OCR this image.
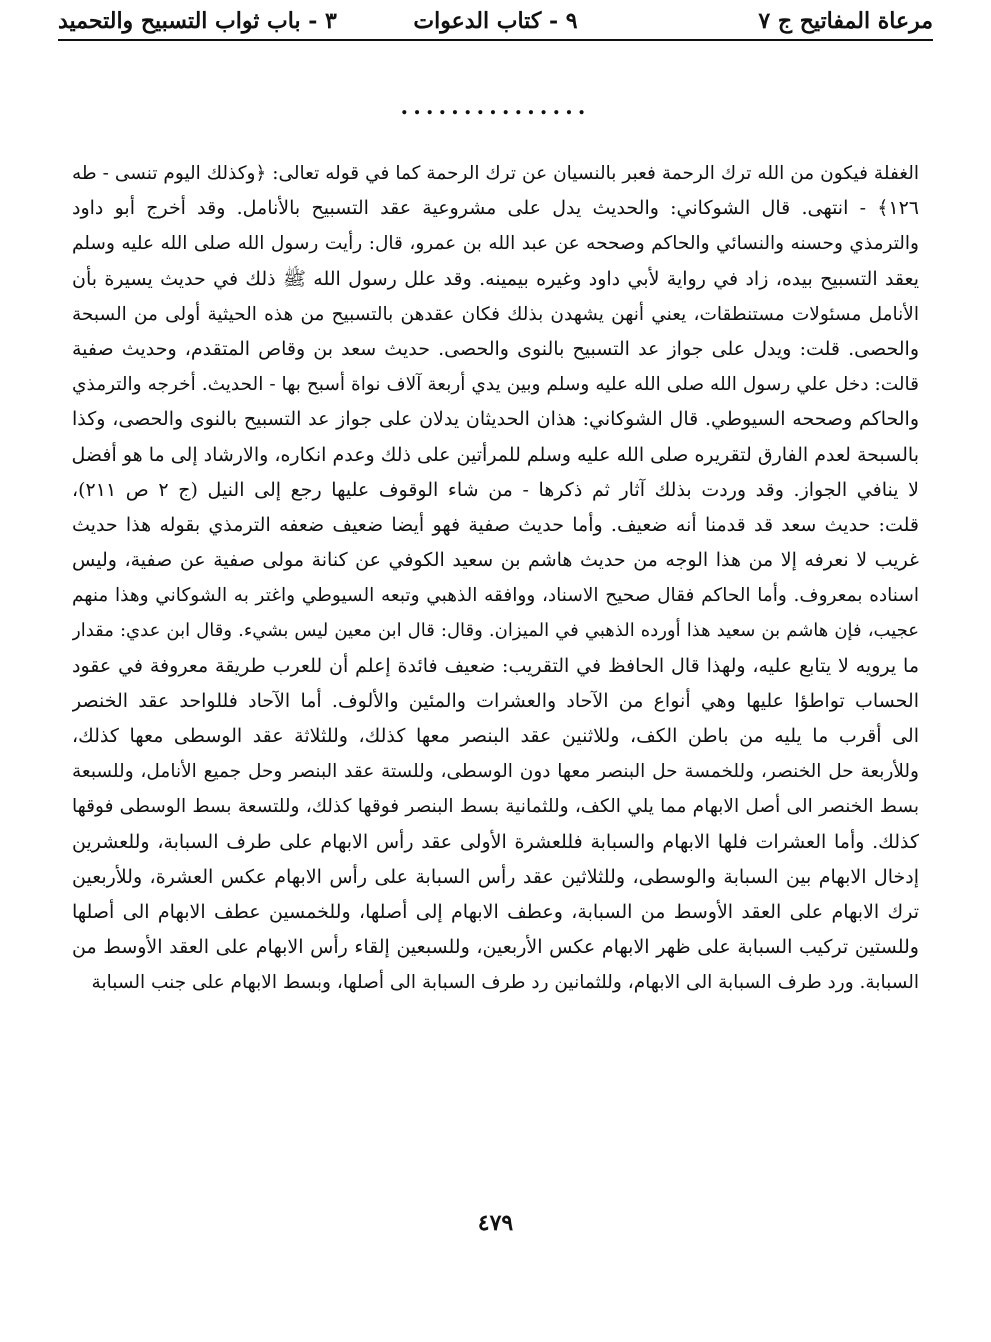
مرعاة المفاتيح ج ٧
٩ - كتاب الدعوات
٣ - باب ثواب التسبيح والتحميد
...............
الغفلة فيكون من الله ترك الرحمة فعبر بالنسيان عن ترك الرحمة كما في قوله تعالى: ﴿وكذلك اليوم تنسى - طه
١٢٦﴾ - انتهى. قال الشوكاني: والحديث يدل على مشروعية عقد التسبيح بالأنامل. وقد أخرج أبو داود
والترمذي وحسنه والنسائي والحاكم وصححه عن عبد الله بن عمرو، قال: رأيت رسول الله صلى الله عليه وسلم
يعقد التسبيح بيده، زاد في رواية لأبي داود وغيره بيمينه. وقد علل رسول الله ﷺ ذلك في حديث يسيرة بأن
الأنامل مسئولات مستنطقات، يعني أنهن يشهدن بذلك فكان عقدهن بالتسبيح من هذه الحيثية أولى من السبحة
والحصى. قلت: ويدل على جواز عد التسبيح بالنوى والحصى. حديث سعد بن وقاص المتقدم، وحديث صفية
قالت: دخل علي رسول الله صلى الله عليه وسلم وبين يدي أربعة آلاف نواة أسبح بها - الحديث. أخرجه والترمذي
والحاكم وصححه السيوطي. قال الشوكاني: هذان الحديثان يدلان على جواز عد التسبيح بالنوى والحصى، وكذا
بالسبحة لعدم الفارق لتقريره صلى الله عليه وسلم للمرأتين على ذلك وعدم انكاره، والارشاد إلى ما هو أفضل
لا ينافي الجواز. وقد وردت بذلك آثار ثم ذكرها - من شاء الوقوف عليها رجع إلى النيل (ج ٢ ص ٢١١)،
قلت: حديث سعد قد قدمنا أنه ضعيف. وأما حديث صفية فهو أيضا ضعيف ضعفه الترمذي بقوله هذا حديث
غريب لا نعرفه إلا من هذا الوجه من حديث هاشم بن سعيد الكوفي عن كنانة مولى صفية عن صفية، وليس
اسناده بمعروف. وأما الحاكم فقال صحيح الاسناد، ووافقه الذهبي وتبعه السيوطي واغتر به الشوكاني وهذا منهم
عجيب، فإن هاشم بن سعيد هذا أورده الذهبي في الميزان. وقال: قال ابن معين ليس بشيء. وقال ابن عدي: مقدار
ما يرويه لا يتابع عليه، ولهذا قال الحافظ في التقريب: ضعيف فائدة إعلم أن للعرب طريقة معروفة في عقود
الحساب تواطؤا عليها وهي أنواع من الآحاد والعشرات والمئين والألوف. أما الآحاد فللواحد عقد الخنصر
الى أقرب ما يليه من باطن الكف، وللاثنين عقد البنصر معها كذلك، وللثلاثة عقد الوسطى معها كذلك،
وللأربعة حل الخنصر، وللخمسة حل البنصر معها دون الوسطى، وللستة عقد البنصر وحل جميع الأنامل، وللسبعة
بسط الخنصر الى أصل الابهام مما يلي الكف، وللثمانية بسط البنصر فوقها كذلك، وللتسعة بسط الوسطى فوقها
كذلك. وأما العشرات فلها الابهام والسبابة فللعشرة الأولى عقد رأس الابهام على طرف السبابة، وللعشرين
إدخال الابهام بين السبابة والوسطى، وللثلاثين عقد رأس السبابة على رأس الابهام عكس العشرة، وللأربعين
ترك الابهام على العقد الأوسط من السبابة، وعطف الابهام إلى أصلها، وللخمسين عطف الابهام الى أصلها
وللستين تركيب السبابة على ظهر الابهام عكس الأربعين، وللسبعين إلقاء رأس الابهام على العقد الأوسط من
السبابة. ورد طرف السبابة الى الابهام، وللثمانين رد طرف السبابة الى أصلها، وبسط الابهام على جنب السبابة
٤٧٩
